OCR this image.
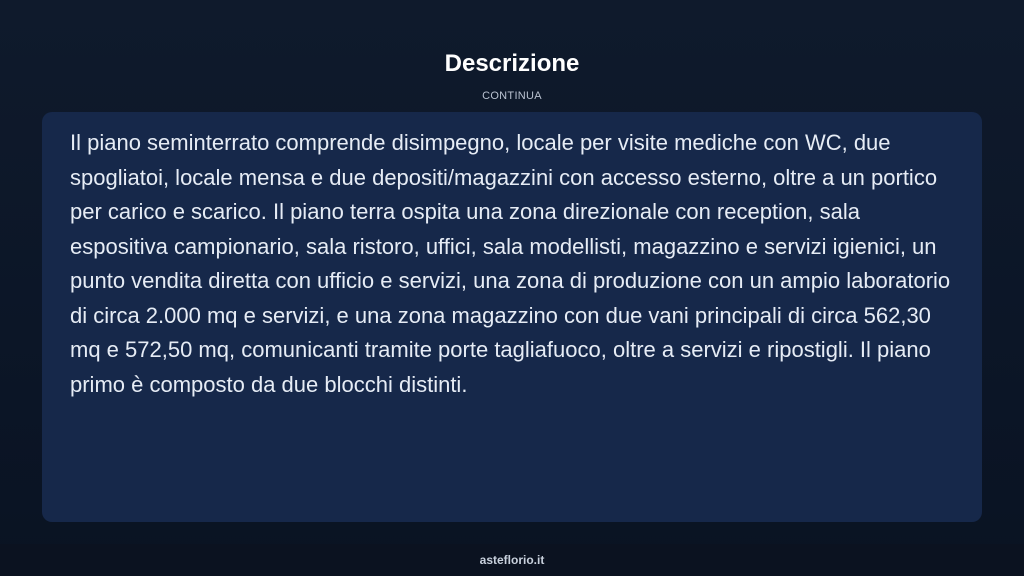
Descrizione
CONTINUA

Il piano seminterrato comprende disimpegno, locale per visite mediche con WC, due spogliatoi, locale mensa e due depositi/magazzini con accesso esterno, oltre a un portico per carico e scarico. Il piano terra ospita una zona direzionale con reception, sala espositiva campionario, sala ristoro, uffici, sala modellisti, magazzino e servizi igienici, un punto vendita diretta con ufficio e servizi, una zona di produzione con un ampio laboratorio di circa 2.000 mq e servizi, e una zona magazzino con due vani principali di circa 562,30 mq e 572,50 mq, comunicanti tramite porte tagliafuoco, oltre a servizi e ripostigli. Il piano primo è composto da due blocchi distinti.

asteflorio.it
